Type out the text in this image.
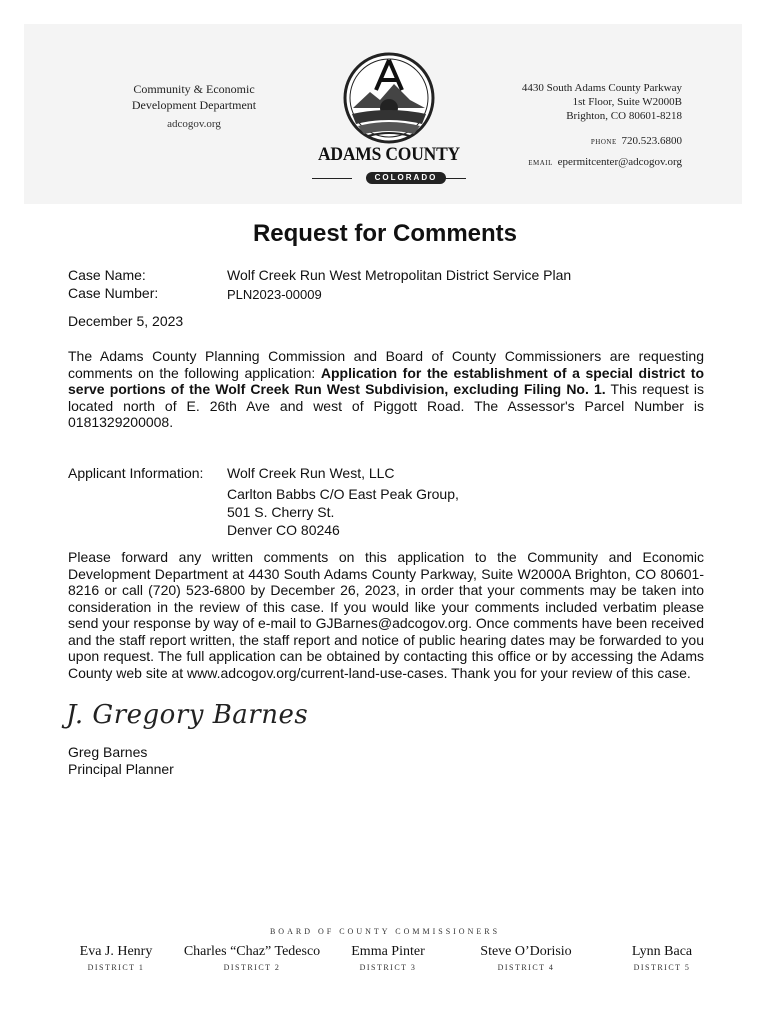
Community & Economic
Development Department
adcogov.org
ADAMS COUNTY
COLORADO
4430 South Adams County Parkway
1st Floor, Suite W2000B
Brighton, CO 80601-8218
PHONE 720.523.6800
EMAIL epermitcenter@adcogov.org
Request for Comments
Case Name:	Wolf Creek Run West Metropolitan District Service Plan
Case Number:	PLN2023-00009
December 5, 2023
The Adams County Planning Commission and Board of County Commissioners are requesting comments on the following application: Application for the establishment of a special district to serve portions of the Wolf Creek Run West Subdivision, excluding Filing No. 1. This request is located north of E. 26th Ave and west of Piggott Road. The Assessor's Parcel Number is 0181329200008.
Applicant Information: Wolf Creek Run West, LLC
Carlton Babbs C/O East Peak Group,
501 S. Cherry St.
Denver CO 80246
Please forward any written comments on this application to the Community and Economic Development Department at 4430 South Adams County Parkway, Suite W2000A Brighton, CO 80601-8216 or call (720) 523-6800 by December 26, 2023, in order that your comments may be taken into consideration in the review of this case. If you would like your comments included verbatim please send your response by way of e-mail to GJBarnes@adcogov.org. Once comments have been received and the staff report written, the staff report and notice of public hearing dates may be forwarded to you upon request. The full application can be obtained by contacting this office or by accessing the Adams County web site at www.adcogov.org/current-land-use-cases. Thank you for your review of this case.
J. Gregory Barnes
Greg Barnes
Principal Planner
BOARD OF COUNTY COMMISSIONERS
Eva J. Henry
DISTRICT 1
Charles “Chaz” Tedesco
DISTRICT 2
Emma Pinter
DISTRICT 3
Steve O’Dorisio
DISTRICT 4
Lynn Baca
DISTRICT 5
